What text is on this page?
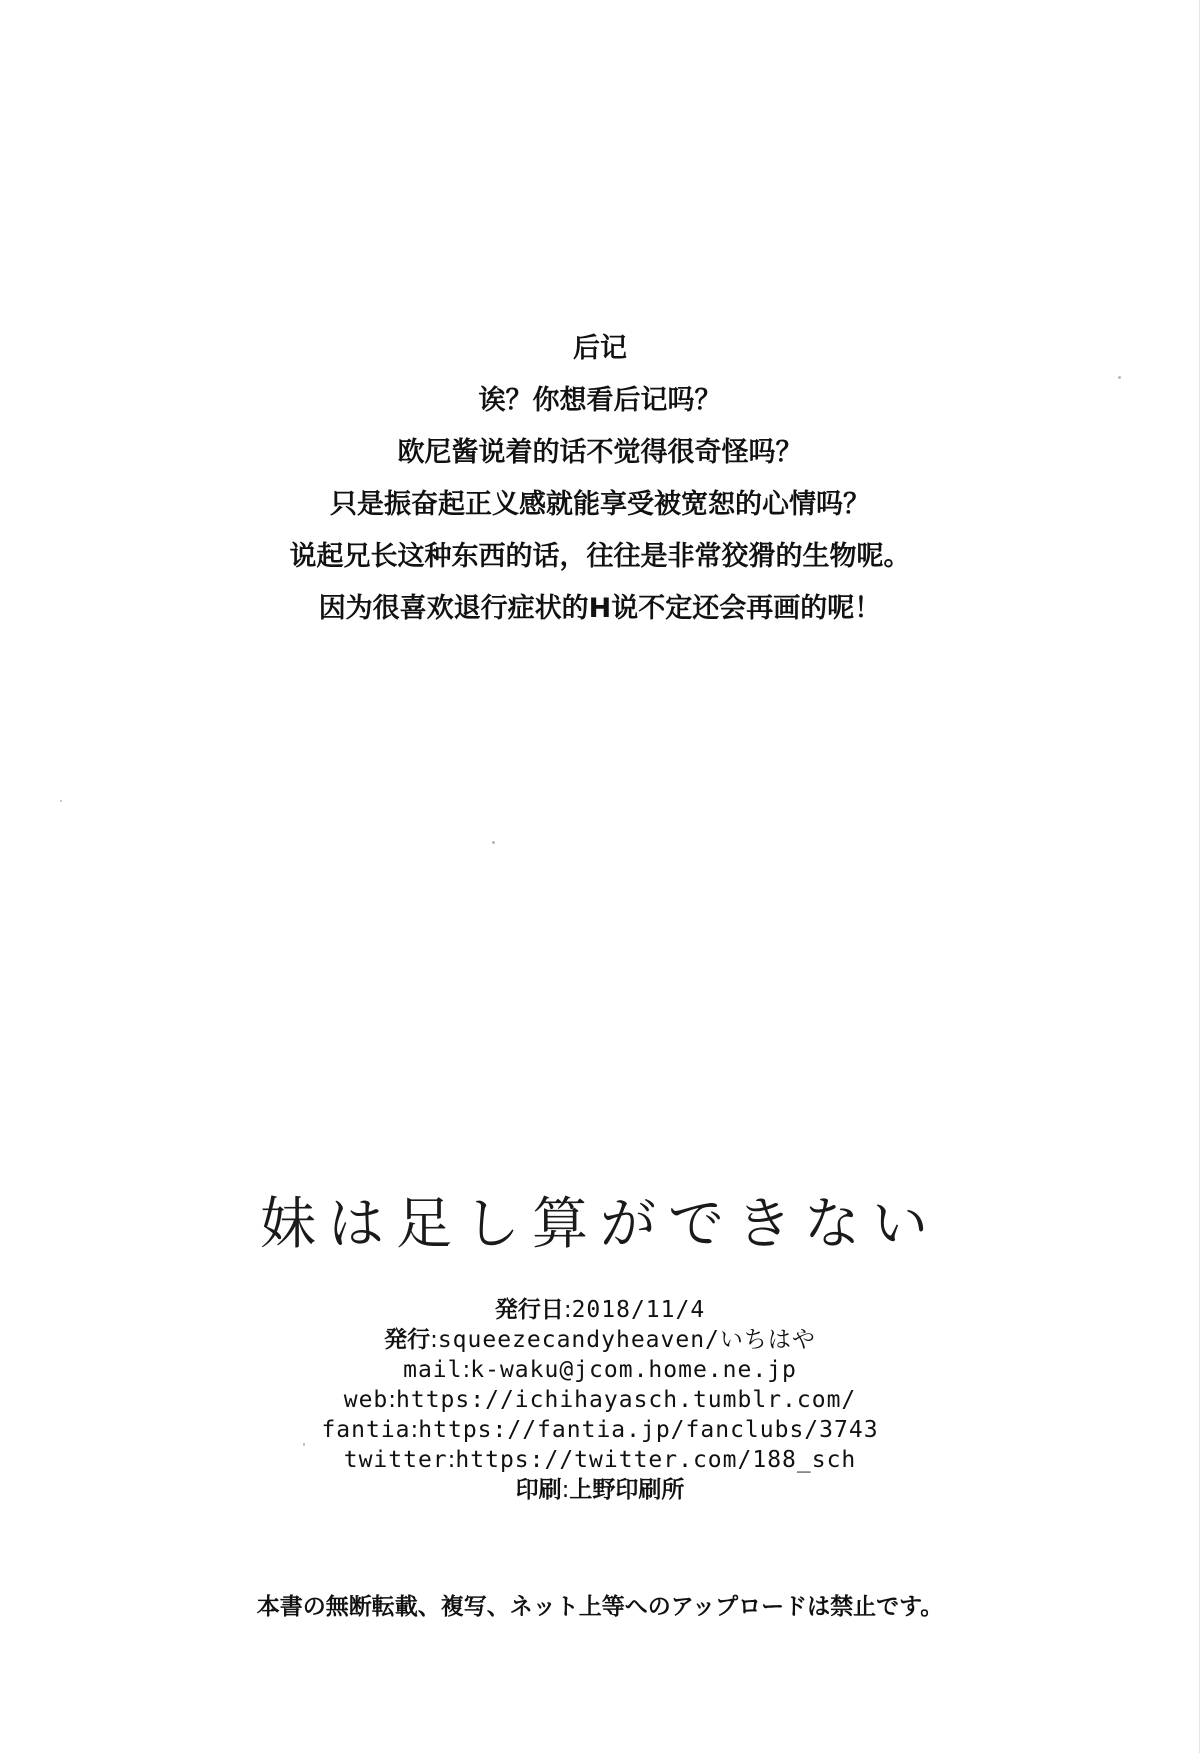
后记
诶？你想看后记吗？
欧尼酱说着的话不觉得很奇怪吗？
只是振奋起正义感就能享受被宽恕的心情吗？
说起兄长这种东西的话，往往是非常狡猾的生物呢。
因为很喜欢退行症状的H说不定还会再画的呢！
妹は足し算ができない
発行日:2018/11/4
発行:squeezecandyheaven/いちはや
mail:k-waku@jcom.home.ne.jp
web:https://ichihayasch.tumblr.com/
fantia:https://fantia.jp/fanclubs/3743
twitter:https://twitter.com/188_sch
印刷:上野印刷所
本書の無断転載、複写、ネット上等へのアップロードは禁止です。
